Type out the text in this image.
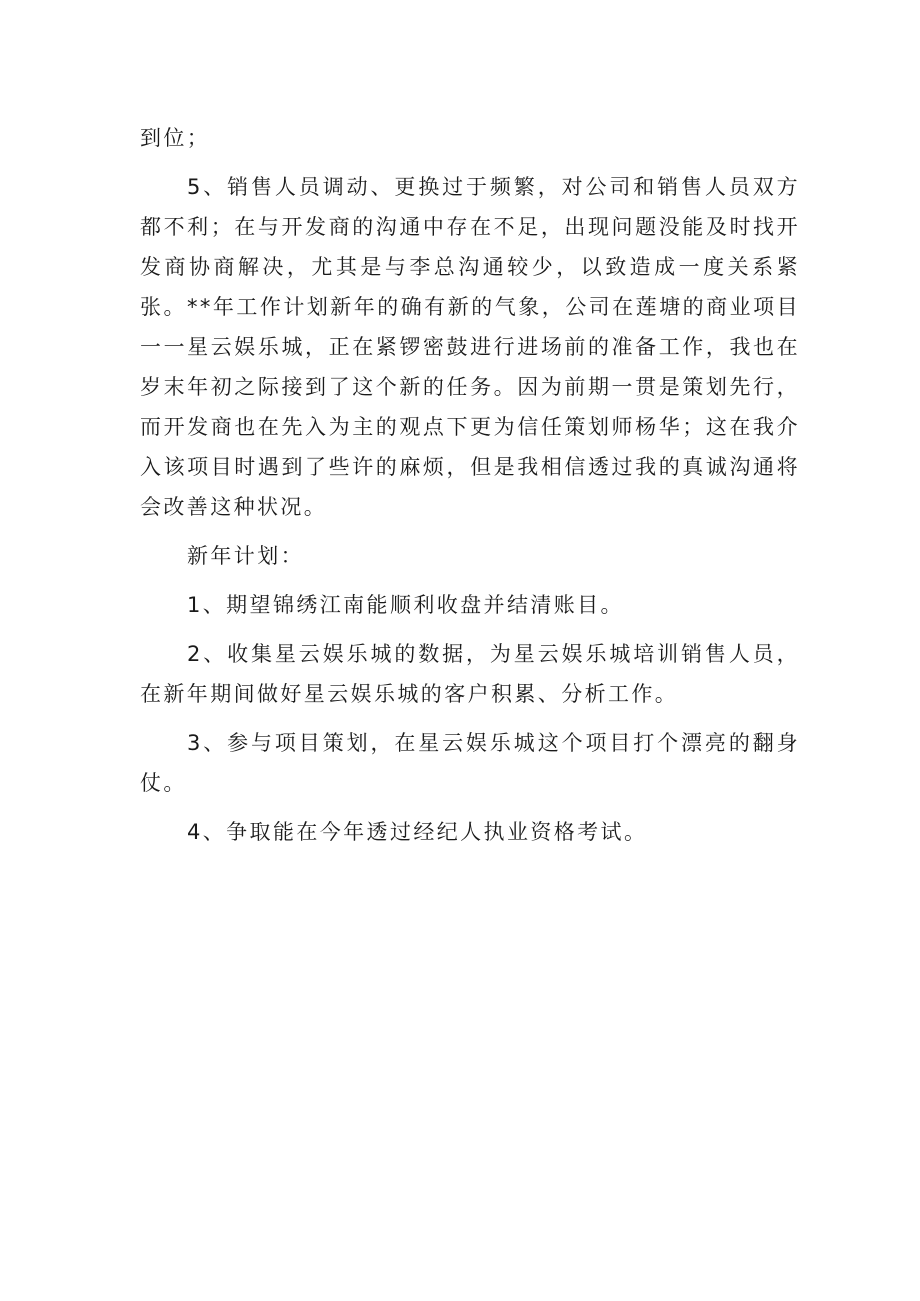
到位；

5、销售人员调动、更换过于频繁，对公司和销售人员双方都不利；在与开发商的沟通中存在不足，出现问题没能及时找开发商协商解决，尤其是与李总沟通较少，以致造成一度关系紧张。**年工作计划新年的确有新的气象，公司在莲塘的商业项目一一星云娱乐城，正在紧锣密鼓进行进场前的准备工作，我也在岁末年初之际接到了这个新的任务。因为前期一贯是策划先行，而开发商也在先入为主的观点下更为信任策划师杨华；这在我介入该项目时遇到了些许的麻烦，但是我相信透过我的真诚沟通将会改善这种状况。

新年计划：

1、期望锦绣江南能顺利收盘并结清账目。

2、收集星云娱乐城的数据，为星云娱乐城培训销售人员，在新年期间做好星云娱乐城的客户积累、分析工作。

3、参与项目策划，在星云娱乐城这个项目打个漂亮的翻身仗。

4、争取能在今年透过经纪人执业资格考试。
